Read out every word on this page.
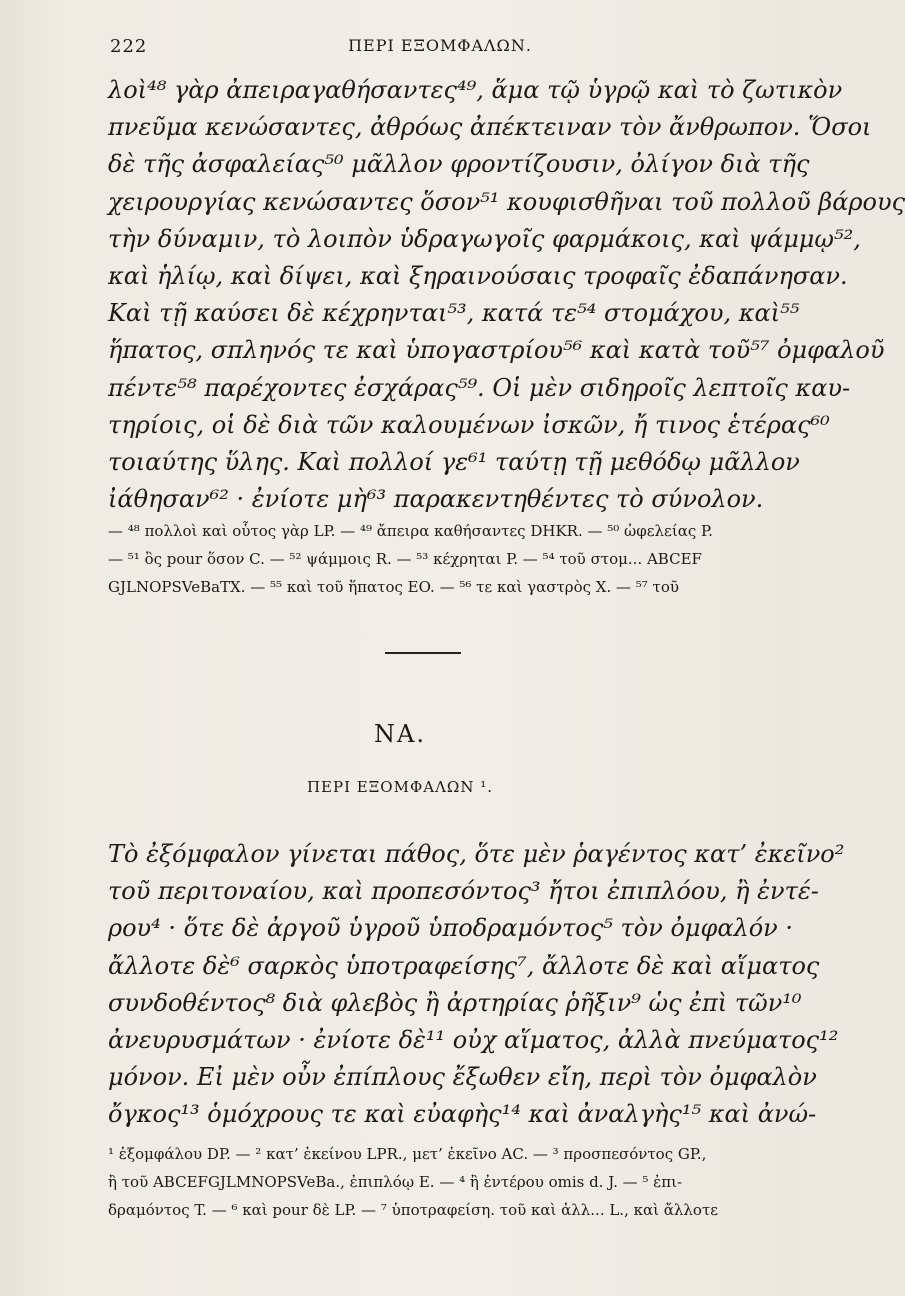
222	ΠΕΡΙ ΕΞΟΜΦΑΛΩΝ.
λοὶ⁴⁸ γὰρ ἀπειραγαθήσαντες⁴⁹, ἅμα τῷ ὑγρῷ καὶ τὸ ζωτικὸν
πνεῦμα κενώσαντες, ἀθρόως ἀπέκτειναν τὸν ἄνθρωπον. Ὅσοι
δὲ τῆς ἀσφαλείας⁵⁰ μᾶλλον φροντίζουσιν, ὀλίγον διὰ τῆς
χειρουργίας κενώσαντες ὅσον⁵¹ κουφισθῆναι τοῦ πολλοῦ βάρους
τὴν δύναμιν, τὸ λοιπὸν ὑδραγωγοῖς φαρμάκοις, καὶ ψάμμῳ⁵²,
καὶ ἡλίῳ, καὶ δίψει, καὶ ξηραινούσαις τροφαῖς ἐδαπάνησαν.
Καὶ τῇ καύσει δὲ κέχρηνται⁵³, κατά τε⁵⁴ στομάχου, καὶ⁵⁵
ἥπατος, σπληνός τε καὶ ὑπογαστρίου⁵⁶ καὶ κατὰ τοῦ⁵⁷ ὀμφαλοῦ
πέντε⁵⁸ παρέχοντες ἐσχάρας⁵⁹. Οἱ μὲν σιδηροῖς λεπτοῖς καυ-
τηρίοις, οἱ δὲ διὰ τῶν καλουμένων ἰσκῶν, ἤ τινος ἑτέρας⁶⁰
τοιαύτης ὕλης. Καὶ πολλοί γε⁶¹ ταύτῃ τῇ μεθόδῳ μᾶλλον
ἰάθησαν⁶² · ἐνίοτε μὴ⁶³ παρακεντηθέντες τὸ σύνολον.
— ⁴⁸ πολλοὶ καὶ οὗτος γὰρ LP. — ⁴⁹ ἄπειρα καθήσαντες DHKR. — ⁵⁰ ὠφελείας P.
— ⁵¹ ὃς pour ὅσον C. — ⁵² ψάμμοις R. — ⁵³ κέχρηται P. — ⁵⁴ τοῦ στομ... ABCEF
GJLNOPSVeBaTX. — ⁵⁵ καὶ τοῦ ἥπατος EO. — ⁵⁶ τε καὶ γαστρὸς X. — ⁵⁷ τοῦ
ΝΑ.
ΠΕΡΙ ΕΞΟΜΦΑΛΩΝ ¹.
Τὸ ἐξόμφαλον γίνεται πάθος, ὅτε μὲν ῥαγέντος κατ’ ἐκεῖνο²
τοῦ περιτοναίου, καὶ προπεσόντος³ ἤτοι ἐπιπλόου, ἢ ἐντέ-
ρου⁴ · ὅτε δὲ ἀργοῦ ὑγροῦ ὑποδραμόντος⁵ τὸν ὀμφαλόν ·
ἄλλοτε δὲ⁶ σαρκὸς ὑποτραφείσης⁷, ἄλλοτε δὲ καὶ αἵματος
συνδοθέντος⁸ διὰ φλεβὸς ἢ ἀρτηρίας ῥῆξιν⁹ ὡς ἐπὶ τῶν¹⁰
ἀνευρυσμάτων · ἐνίοτε δὲ¹¹ οὐχ αἵματος, ἀλλὰ πνεύματος¹²
μόνον. Εἰ μὲν οὖν ἐπίπλους ἔξωθεν εἴη, περὶ τὸν ὀμφαλὸν
ὄγκος¹³ ὁμόχρους τε καὶ εὐαφὴς¹⁴ καὶ ἀναλγὴς¹⁵ καὶ ἀνώ-
¹ ἐξομφάλου DP. — ² κατ’ ἐκείνου LPR., μετ’ ἐκεῖνο AC. — ³ προσπεσόντος GP.,
ἢ τοῦ ABCEFGJLMNOPSVeBa., ἐπιπλόῳ E. — ⁴ ἢ ἐντέρου omis d. J. — ⁵ ἐπι-
δραμόντος T. — ⁶ καὶ pour δὲ LP. — ⁷ ὑποτραφείση. τοῦ καὶ ἀλλ... L., καὶ ἄλλοτε
